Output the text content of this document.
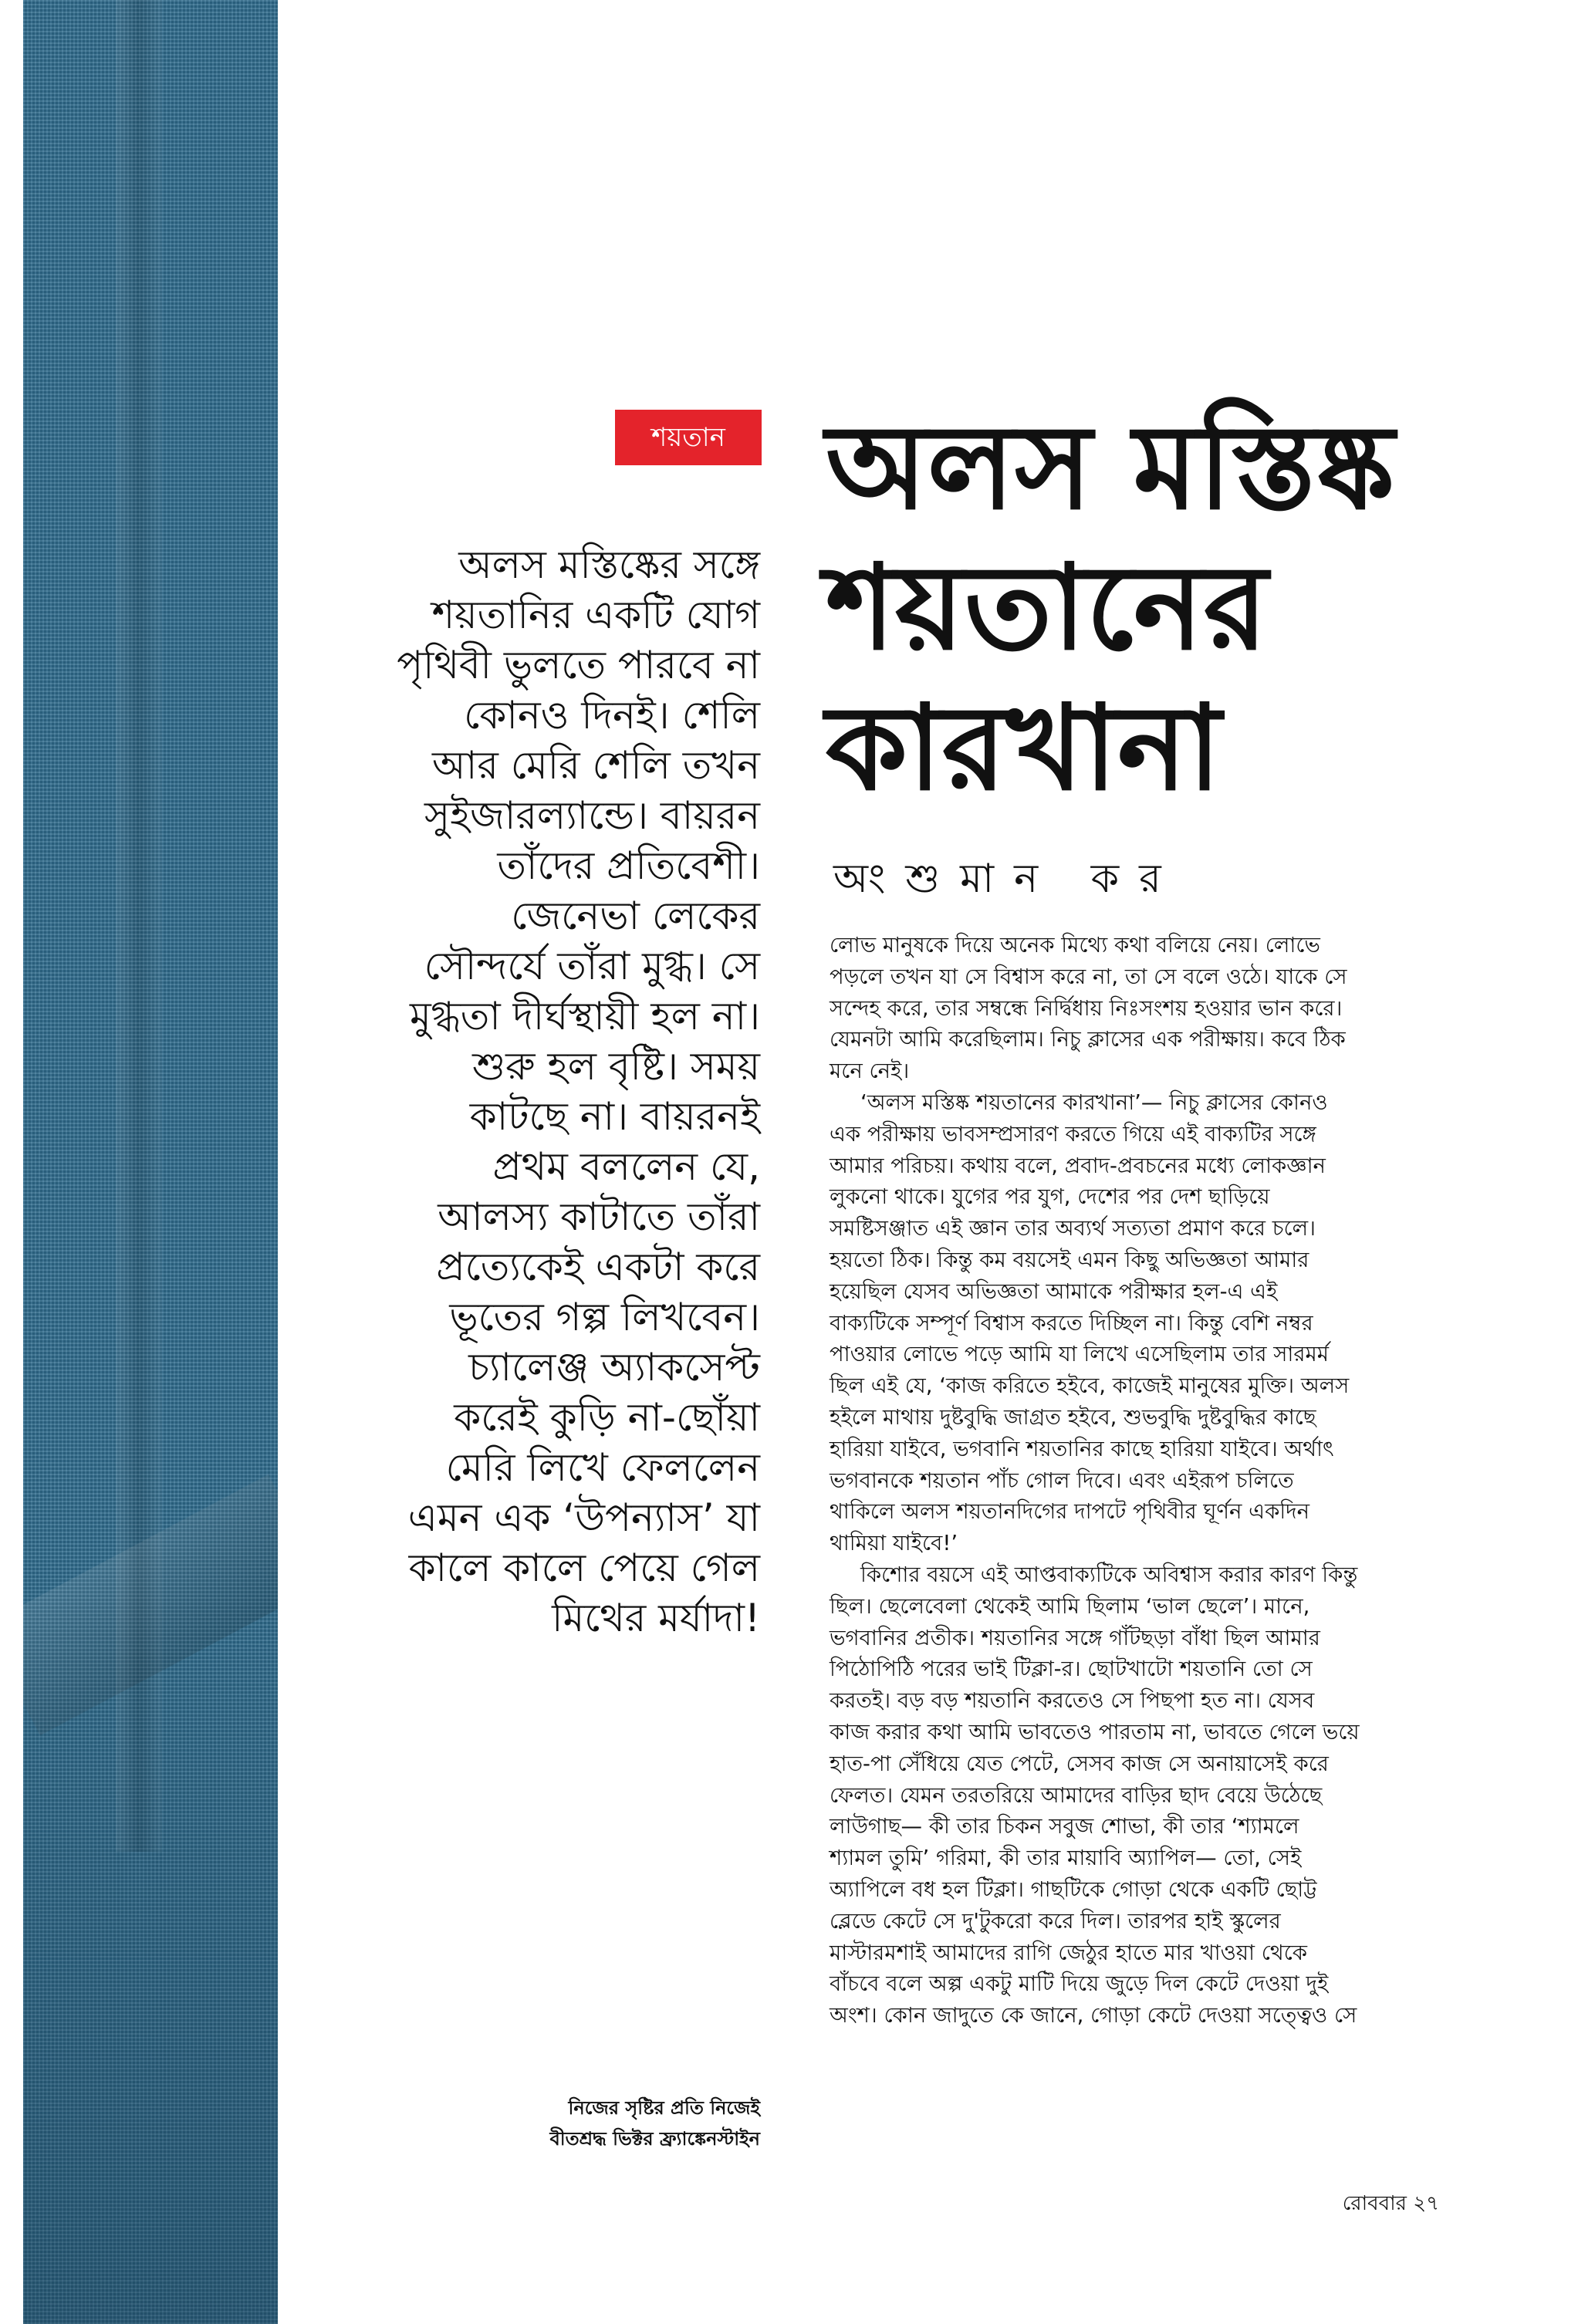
শয়তান অলস মস্তিষ্ক
শয়তানের
কারখানা
অংশুমান কর
অলস মস্তিষ্কের সঙ্গে
শয়তানির একটি যোগ
পৃথিবী ভুলতে পারবে না
কোনও দিনই। শেলি
আর মেরি শেলি তখন
সুইজারল্যান্ডে। বায়রন
তাঁদের প্রতিবেশী।
জেনেভা লেকের
সৌন্দর্যে তাঁরা মুগ্ধ। সে
মুগ্ধতা দীর্ঘস্থায়ী হল না।
শুরু হল বৃষ্টি। সময়
কাটছে না। বায়রনই
প্রথম বললেন যে,
আলস্য কাটাতে তাঁরা
প্রত্যেকেই একটা করে
ভূতের গল্প লিখবেন।
চ্যালেঞ্জ অ্যাকসেপ্ট
করেই কুড়ি না-ছোঁয়া
মেরি লিখে ফেললেন
এমন এক ‘উপন্যাস’ যা
কালে কালে পেয়ে গেল
মিথের মর্যাদা!
লোভ মানুষকে দিয়ে অনেক মিথ্যে কথা বলিয়ে নেয়। লোভে
পড়লে তখন যা সে বিশ্বাস করে না, তা সে বলে ওঠে। যাকে সে
সন্দেহ করে, তার সম্বন্ধে নির্দ্বিধায় নিঃসংশয় হওয়ার ভান করে।
যেমনটা আমি করেছিলাম। নিচু ক্লাসের এক পরীক্ষায়। কবে ঠিক
মনে নেই।
‘অলস মস্তিষ্ক শয়তানের কারখানা’— নিচু ক্লাসের কোনও
এক পরীক্ষায় ভাবসম্প্রসারণ করতে গিয়ে এই বাক্যটির সঙ্গে
আমার পরিচয়। কথায় বলে, প্রবাদ-প্রবচনের মধ্যে লোকজ্ঞান
লুকনো থাকে। যুগের পর যুগ, দেশের পর দেশ ছাড়িয়ে
সমষ্টিসঞ্জাত এই জ্ঞান তার অব্যর্থ সত্যতা প্রমাণ করে চলে।
হয়তো ঠিক। কিন্তু কম বয়সেই এমন কিছু অভিজ্ঞতা আমার
হয়েছিল যেসব অভিজ্ঞতা আমাকে পরীক্ষার হল-এ এই
বাক্যটিকে সম্পূর্ণ বিশ্বাস করতে দিচ্ছিল না। কিন্তু বেশি নম্বর
পাওয়ার লোভে পড়ে আমি যা লিখে এসেছিলাম তার সারমর্ম
ছিল এই যে, ‘কাজ করিতে হইবে, কাজেই মানুষের মুক্তি। অলস
হইলে মাথায় দুষ্টবুদ্ধি জাগ্রত হইবে, শুভবুদ্ধি দুষ্টবুদ্ধির কাছে
হারিয়া যাইবে, ভগবানি শয়তানির কাছে হারিয়া যাইবে। অর্থাৎ
ভগবানকে শয়তান পাঁচ গোল দিবে। এবং এইরূপ চলিতে
থাকিলে অলস শয়তানদিগের দাপটে পৃথিবীর ঘূর্ণন একদিন
থামিয়া যাইবে!’
কিশোর বয়সে এই আপ্তবাক্যটিকে অবিশ্বাস করার কারণ কিন্তু
ছিল। ছেলেবেলা থেকেই আমি ছিলাম ‘ভাল ছেলে’। মানে,
ভগবানির প্রতীক। শয়তানির সঙ্গে গাঁটছড়া বাঁধা ছিল আমার
পিঠোপিঠি পরের ভাই টিক্লা-র। ছোটখাটো শয়তানি তো সে
করতই। বড় বড় শয়তানি করতেও সে পিছপা হত না। যেসব
কাজ করার কথা আমি ভাবতেও পারতাম না, ভাবতে গেলে ভয়ে
হাত-পা সেঁধিয়ে যেত পেটে, সেসব কাজ সে অনায়াসেই করে
ফেলত। যেমন তরতরিয়ে আমাদের বাড়ির ছাদ বেয়ে উঠেছে
লাউগাছ— কী তার চিকন সবুজ শোভা, কী তার ‘শ্যামলে
শ্যামল তুমি’ গরিমা, কী তার মায়াবি অ্যাপিল— তো, সেই
অ্যাপিলে বধ হল টিক্লা। গাছটিকে গোড়া থেকে একটি ছোট্ট
ব্লেডে কেটে সে দু'টুকরো করে দিল। তারপর হাই স্কুলের
মাস্টারমশাই আমাদের রাগি জেঠুর হাতে মার খাওয়া থেকে
বাঁচবে বলে অল্প একটু মাটি দিয়ে জুড়ে দিল কেটে দেওয়া দুই
অংশ। কোন জাদুতে কে জানে, গোড়া কেটে দেওয়া সত্ত্বেও সে
নিজের সৃষ্টির প্রতি নিজেই
বীতশ্রদ্ধ ভিক্টর ফ্র্যাঙ্কেনস্টাইন
রোববার ২৭
